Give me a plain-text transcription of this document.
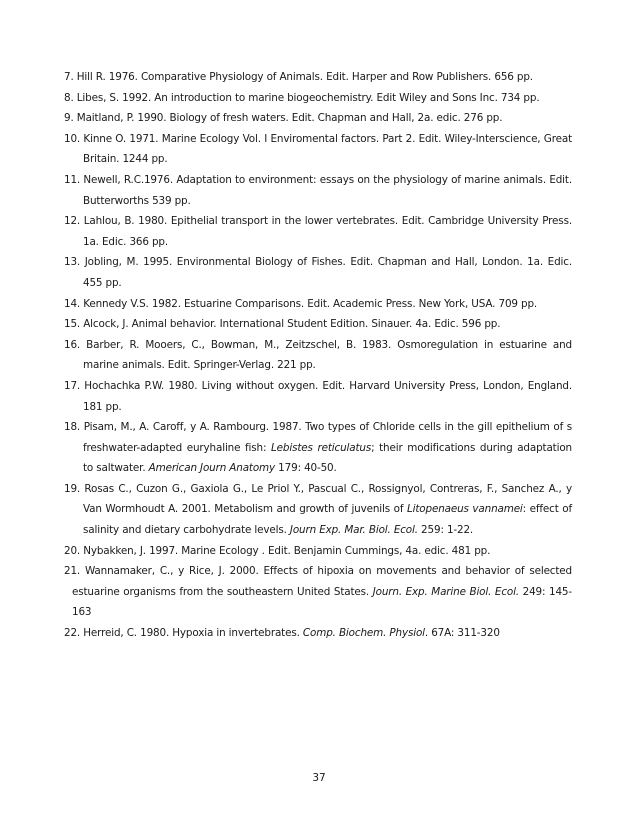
7. Hill R. 1976. Comparative Physiology of Animals. Edit. Harper and Row Publishers. 656 pp.

8. Libes, S. 1992. An introduction to marine biogeochemistry. Edit Wiley and Sons Inc. 734 pp.

9. Maitland, P. 1990. Biology of fresh waters. Edit. Chapman and Hall, 2a. edic. 276 pp.

10. Kinne O. 1971. Marine Ecology Vol. I Enviromental factors. Part 2. Edit. Wiley-Interscience, Great Britain. 1244 pp.

11. Newell, R.C.1976. Adaptation to environment: essays on the physiology of marine animals. Edit. Butterworths 539 pp.

12. Lahlou, B. 1980. Epithelial transport in the lower vertebrates. Edit. Cambridge University Press. 1a. Edic. 366 pp.

13. Jobling, M. 1995. Environmental Biology of Fishes. Edit. Chapman and Hall, London. 1a. Edic. 455 pp.

14. Kennedy V.S. 1982. Estuarine Comparisons. Edit. Academic Press. New York, USA. 709 pp.

15. Alcock, J. Animal behavior. International Student Edition. Sinauer. 4a. Edic. 596 pp.

16. Barber, R. Mooers, C., Bowman, M., Zeitzschel, B. 1983. Osmoregulation in estuarine and marine animals. Edit. Springer-Verlag. 221 pp.

17. Hochachka P.W. 1980. Living without oxygen. Edit. Harvard University Press, London, England. 181 pp.

18. Pisam, M., A. Caroff, y A. Rambourg. 1987. Two types of Chloride cells in the gill epithelium of s freshwater-adapted euryhaline fish: Lebistes reticulatus; their modifications during adaptation to saltwater. American Journ Anatomy 179: 40-50.

19. Rosas C., Cuzon G., Gaxiola G., Le Priol Y., Pascual C., Rossignyol, Contreras, F., Sanchez A., y Van Wormhoudt A. 2001. Metabolism and growth of juvenils of Litopenaeus vannamei: effect of salinity and dietary carbohydrate levels. Journ Exp. Mar. Biol. Ecol. 259: 1-22.

20. Nybakken, J. 1997. Marine Ecology . Edit. Benjamin Cummings, 4a. edic. 481 pp.

21. Wannamaker, C., y Rice, J. 2000. Effects of hipoxia on movements and behavior of selected estuarine organisms from the southeastern United States. Journ. Exp. Marine Biol. Ecol. 249: 145-163

22. Herreid, C. 1980. Hypoxia in invertebrates. Comp. Biochem. Physiol. 67A: 311-320

37
